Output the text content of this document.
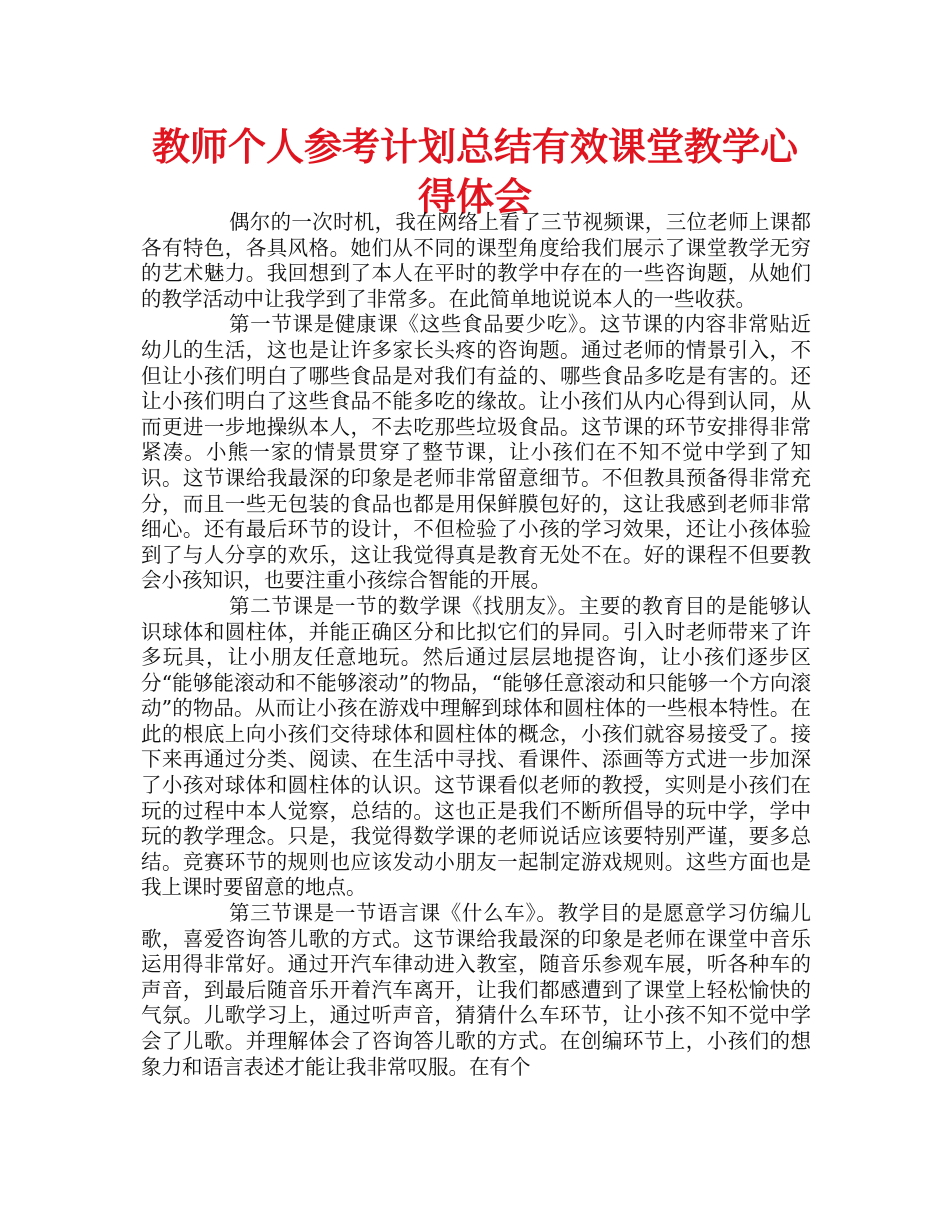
教师个人参考计划总结有效课堂教学心得体会

偶尔的一次时机，我在网络上看了三节视频课，三位老师上课都各有特色，各具风格。她们从不同的课型角度给我们展示了课堂教学无穷的艺术魅力。我回想到了本人在平时的教学中存在的一些咨询题，从她们的教学活动中让我学到了非常多。在此简单地说说本人的一些收获。

第一节课是健康课《这些食品要少吃》。这节课的内容非常贴近幼儿的生活，这也是让许多家长头疼的咨询题。通过老师的情景引入，不但让小孩们明白了哪些食品是对我们有益的、哪些食品多吃是有害的。还让小孩们明白了这些食品不能多吃的缘故。让小孩们从内心得到认同，从而更进一步地操纵本人，不去吃那些垃圾食品。这节课的环节安排得非常紧凑。小熊一家的情景贯穿了整节课，让小孩们在不知不觉中学到了知识。这节课给我最深的印象是老师非常留意细节。不但教具预备得非常充分，而且一些无包装的食品也都是用保鲜膜包好的，这让我感到老师非常细心。还有最后环节的设计，不但检验了小孩的学习效果，还让小孩体验到了与人分享的欢乐，这让我觉得真是教育无处不在。好的课程不但要教会小孩知识，也要注重小孩综合智能的开展。

第二节课是一节的数学课《找朋友》。主要的教育目的是能够认识球体和圆柱体，并能正确区分和比拟它们的异同。引入时老师带来了许多玩具，让小朋友任意地玩。然后通过层层地提咨询，让小孩们逐步区分“能够能滚动和不能够滚动”的物品，“能够任意滚动和只能够一个方向滚动”的物品。从而让小孩在游戏中理解到球体和圆柱体的一些根本特性。在此的根底上向小孩们交待球体和圆柱体的概念，小孩们就容易接受了。接下来再通过分类、阅读、在生活中寻找、看课件、添画等方式进一步加深了小孩对球体和圆柱体的认识。这节课看似老师的教授，实则是小孩们在玩的过程中本人觉察，总结的。这也正是我们不断所倡导的玩中学，学中玩的教学理念。只是，我觉得数学课的老师说话应该要特别严谨，要多总结。竞赛环节的规则也应该发动小朋友一起制定游戏规则。这些方面也是我上课时要留意的地点。

第三节课是一节语言课《什么车》。教学目的是愿意学习仿编儿歌，喜爱咨询答儿歌的方式。这节课给我最深的印象是老师在课堂中音乐运用得非常好。通过开汽车律动进入教室，随音乐参观车展，听各种车的声音，到最后随音乐开着汽车离开，让我们都感遭到了课堂上轻松愉快的气氛。儿歌学习上，通过听声音，猜猜什么车环节，让小孩不知不觉中学会了儿歌。并理解体会了咨询答儿歌的方式。在创编环节上，小孩们的想象力和语言表述才能让我非常叹服。在有个
